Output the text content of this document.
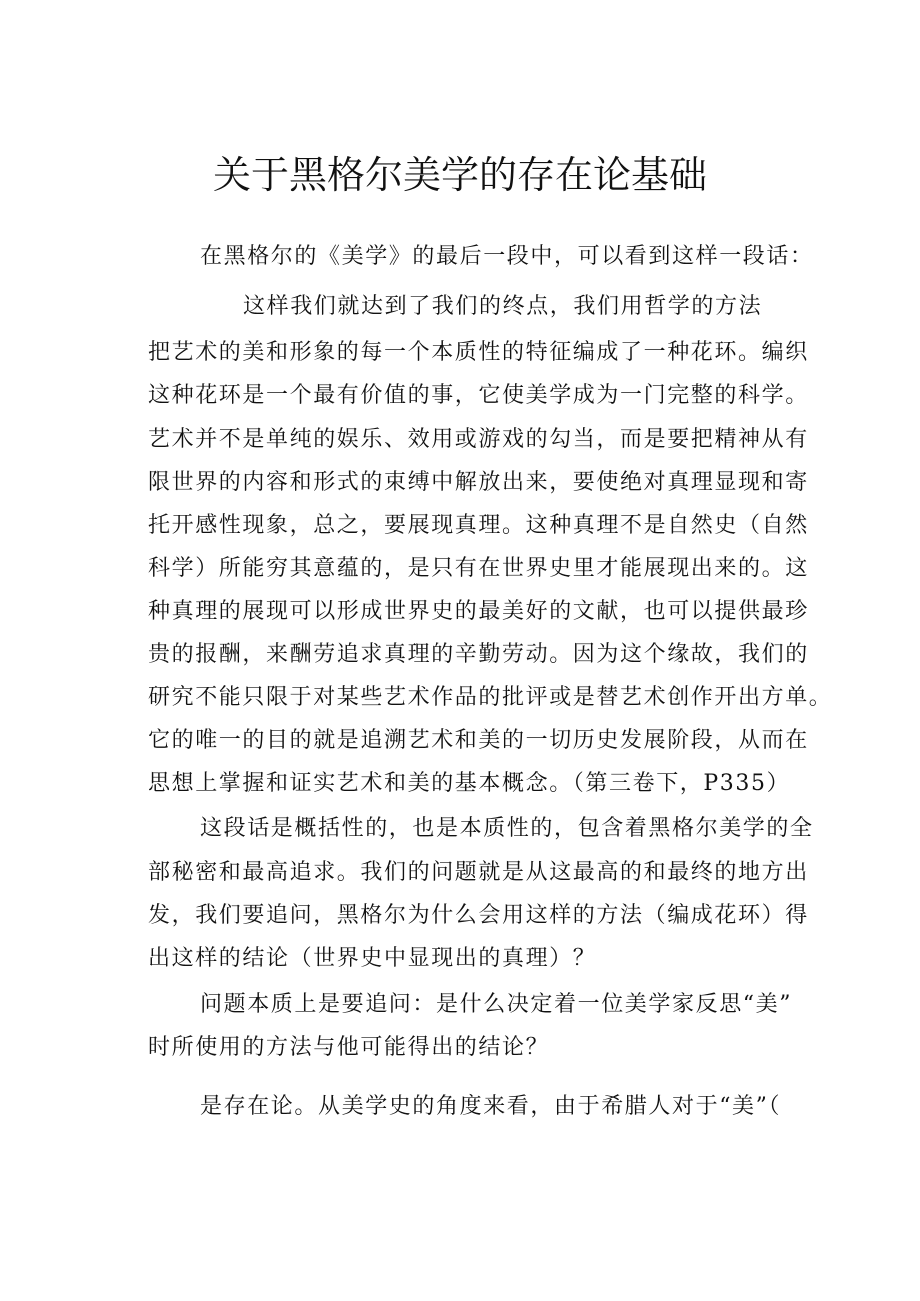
关于黑格尔美学的存在论基础
在黑格尔的《美学》的最后一段中，可以看到这样一段话：
这样我们就达到了我们的终点，我们用哲学的方法
把艺术的美和形象的每一个本质性的特征编成了一种花环。编织
这种花环是一个最有价值的事，它使美学成为一门完整的科学。
艺术并不是单纯的娱乐、效用或游戏的勾当，而是要把精神从有
限世界的内容和形式的束缚中解放出来，要使绝对真理显现和寄
托开感性现象，总之，要展现真理。这种真理不是自然史（自然
科学）所能穷其意蕴的，是只有在世界史里才能展现出来的。这
种真理的展现可以形成世界史的最美好的文献，也可以提供最珍
贵的报酬，来酬劳追求真理的辛勤劳动。因为这个缘故，我们的
研究不能只限于对某些艺术作品的批评或是替艺术创作开出方单。
它的唯一的目的就是追溯艺术和美的一切历史发展阶段，从而在
思想上掌握和证实艺术和美的基本概念。（第三卷下，P335）
这段话是概括性的，也是本质性的，包含着黑格尔美学的全
部秘密和最高追求。我们的问题就是从这最高的和最终的地方出
发，我们要追问，黑格尔为什么会用这样的方法（编成花环）得
出这样的结论（世界史中显现出的真理）？
问题本质上是要追问：是什么决定着一位美学家反思“美”
时所使用的方法与他可能得出的结论？
是存在论。从美学史的角度来看，由于希腊人对于“美”（
